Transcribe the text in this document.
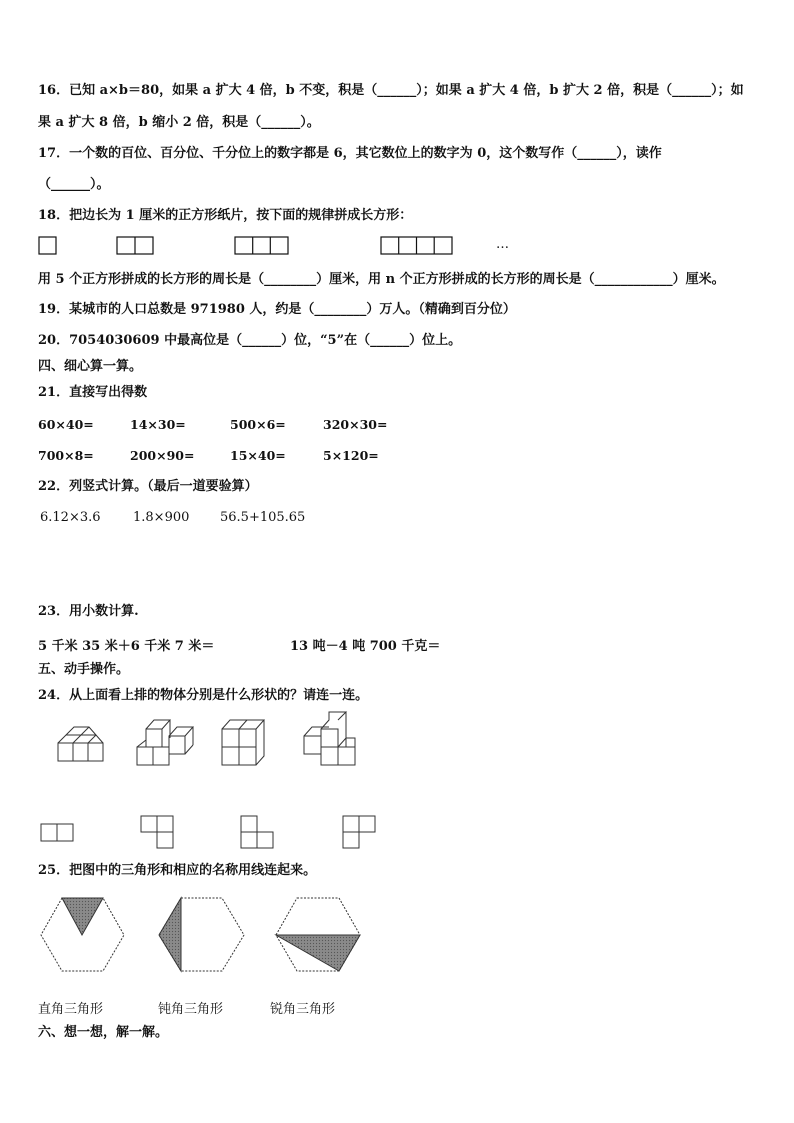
16．已知 a×b＝80，如果 a 扩大 4 倍，b 不变，积是（______）；如果 a 扩大 4 倍，b 扩大 2 倍，积是（______）；如
果 a 扩大 8 倍，b 缩小 2 倍，积是（______）。
17．一个数的百位、百分位、千分位上的数字都是 6，其它数位上的数字为 0，这个数写作（______），读作
（______）。
18．把边长为 1 厘米的正方形纸片，按下面的规律拼成长方形：
…
用 5 个正方形拼成的长方形的周长是（________）厘米，用 n 个正方形拼成的长方形的周长是（____________）厘米。
19．某城市的人口总数是 971980 人，约是（________）万人。（精确到百分位）
20．7054030609 中最高位是（______）位，“5”在（______）位上。
四、细心算一算。
21．直接写出得数
60×40=	14×30=	500×6=	320×30=
700×8=	200×90=	15×40=	5×120=
22．列竖式计算。（最后一道要验算）
6.12×3.6 1.8×900 56.5+105.65
23．用小数计算.
5 千米 35 米＋6 千米 7 米＝	13 吨－4 吨 700 千克＝
五、动手操作。
24．从上面看上排的物体分别是什么形状的？请连一连。
25．把图中的三角形和相应的名称用线连起来。
直角三角形	钝角三角形	锐角三角形
六、想一想，解一解。
